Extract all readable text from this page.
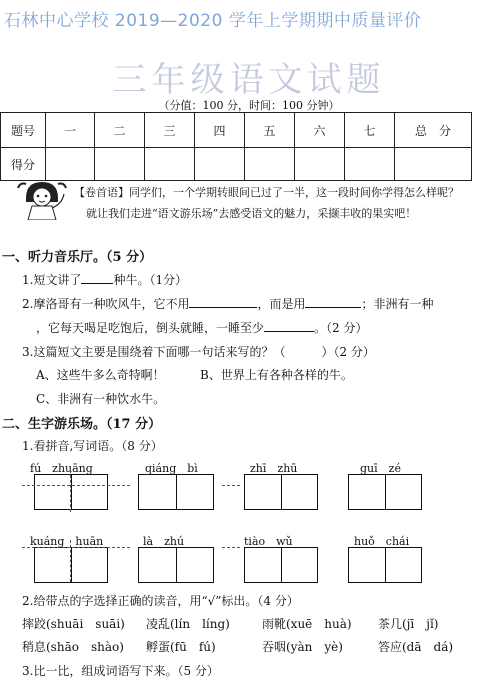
石林中心学校 2019—2020 学年上学期期中质量评价
三年级语文试题
（分值：100 分，时间：100 分钟）
题号	一	二	三	四	五	六	七	总　分
得分								
【卷首语】同学们，一个学期转眼间已过了一半，这一段时间你学得怎么样呢？
就让我们走进“语文游乐场”去感受语文的魅力，采撷丰收的果实吧！
一、听力音乐厅。（5 分）
1.短文讲了	种牛。（1分）
2.摩洛哥有一种吹风牛，它不用	，而是用	；非洲有一种
，它每天喝足吃饱后，倒头就睡，一睡至少	。（2 分）
3.这篇短文主要是围绕着下面哪一句话来写的？（	）（2 分）
A、这些牛多么奇特啊！	B、世界上有各种各样的牛。
C、非洲有一种饮水牛。
二、生字游乐场。（17 分）
1.看拼音,写词语。（8 分）
fú　zhuāng	qiáng　bì	zhī　zhū	guī　zé
kuáng　huān	là　zhú	tiào　wǔ	huǒ　chái
2.给带点的字选择正确的读音，用“√”标出。（4 分）
摔跤(shuāi　suāi) 凌乱(lín　líng)	雨靴(xuē　huà) 茶几(jī　jǐ)
稍息(shāo　shào) 孵蛋(fū　fú)	吞咽(yàn　yè)	答应(dā　dá)
3.比一比，组成词语写下来。（5 分）
